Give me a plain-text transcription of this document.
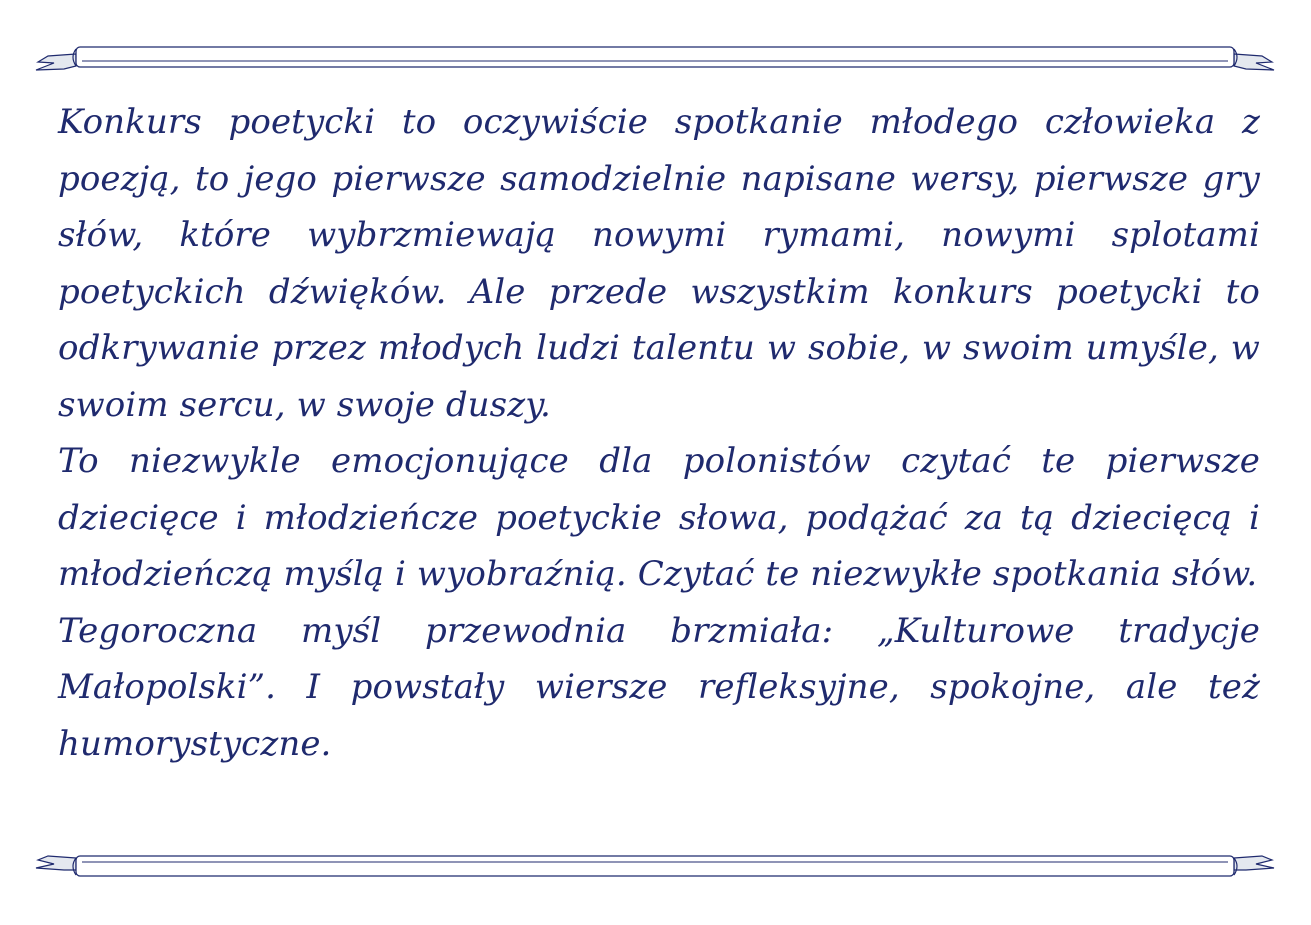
Konkurs poetycki to oczywiście spotkanie młodego człowieka z poezją, to jego pierwsze samodzielnie napisane wersy, pierwsze gry słów, które wybrzmiewają nowymi rymami, nowymi splotami poetyckich dźwięków. Ale przede wszystkim konkurs poetycki to odkrywanie przez młodych ludzi talentu w sobie, w swoim umyśle, w swoim sercu, w swoje duszy.

To niezwykle emocjonujące dla polonistów czytać te pierwsze dziecięce i młodzieńcze poetyckie słowa, podążać za tą dziecięcą i młodzieńczą myślą i wyobraźnią. Czytać te niezwykłe spotkania słów.

Tegoroczna myśl przewodnia brzmiała: „Kulturowe tradycje Małopolski”. I powstały wiersze refleksyjne, spokojne, ale też humorystyczne.
